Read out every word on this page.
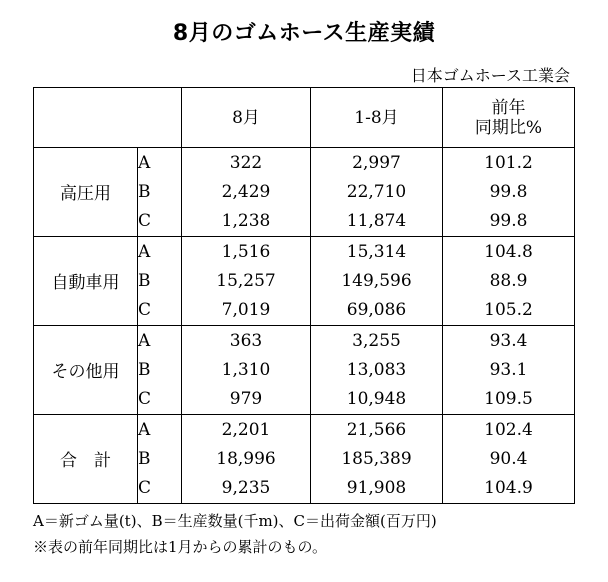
8月のゴムホース生産実績
日本ゴムホース工業会
		8月	1-8月	前年
同期比%

高圧用	A	322	2,997	101.2
	B	2,429	22,710	99.8
	C	1,238	11,874	99.8
自動車用	A	1,516	15,314	104.8
	B	15,257	149,596	88.9
	C	7,019	69,086	105.2
その他用	A	363	3,255	93.4
	B	1,310	13,083	93.1
	C	979	10,948	109.5
合　計	A	2,201	21,566	102.4
	B	18,996	185,389	90.4
	C	9,235	91,908	104.9
A＝新ゴム量(t)、B＝生産数量(千m)、C＝出荷金額(百万円)
※表の前年同期比は1月からの累計のもの。
